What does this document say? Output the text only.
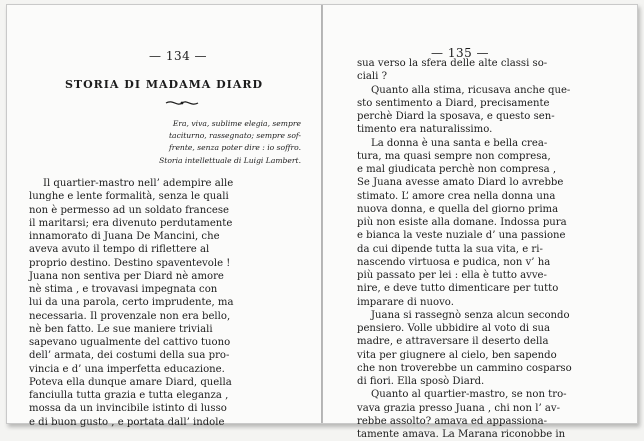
— 134 —
STORIA DI MADAMA DIARD
Era, viva, sublime elegia, sempre
taciturno, rassegnato; sempre sof-
frente, senza poter dire : io soffro.
Storia intellettuale di Luigi Lambert.
Il quartier-mastro nell’ adempire alle
lunghe e lente formalità, senza le quali
non è permesso ad un soldato francese
il maritarsi; era divenuto perdutamente
innamorato di Juana De Mancini, che
aveva avuto il tempo di riflettere al
proprio destino. Destino spaventevole !
Juana non sentiva per Diard nè amore
nè stima , e trovavasi impegnata con
lui da una parola, certo imprudente, ma
necessaria. Il provenzale non era bello,
nè ben fatto. Le sue maniere triviali
sapevano ugualmente del cattivo tuono
dell’ armata, dei costumi della sua pro-
vincia e d’ una imperfetta educazione.
Poteva ella dunque amare Diard, quella
fanciulla tutta grazia e tutta eleganza ,
mossa da un invincibile istinto di lusso
e di buon gusto , e portata dall’ indole
— 135 —
sua verso la sfera delle alte classi so-
ciali ?
Quanto alla stima, ricusava anche que-
sto sentimento a Diard, precisamente
perchè Diard la sposava, e questo sen-
timento era naturalissimo.
La donna è una santa e bella crea-
tura, ma quasi sempre non compresa,
e mal giudicata perchè non compresa ,
Se Juana avesse amato Diard lo avrebbe
stimato. L’ amore crea nella donna una
nuova donna, e quella del giorno prima
più non esiste alla domane. Indossa pura
e bianca la veste nuziale d’ una passione
da cui dipende tutta la sua vita, e ri-
nascendo virtuosa e pudica, non v’ ha
più passato per lei : ella è tutto avve-
nire, e deve tutto dimenticare per tutto
imparare di nuovo.
Juana si rassegnò senza alcun secondo
pensiero. Volle ubbidire al voto di sua
madre, e attraversare il deserto della
vita per giugnere al cielo, ben sapendo
che non troverebbe un cammino cosparso
di fiori. Ella sposò Diard.
Quanto al quartier-mastro, se non tro-
vava grazia presso Juana , chi non l’ av-
rebbe assolto? amava ed appassiona-
tamente amava. La Marana riconobbe in
